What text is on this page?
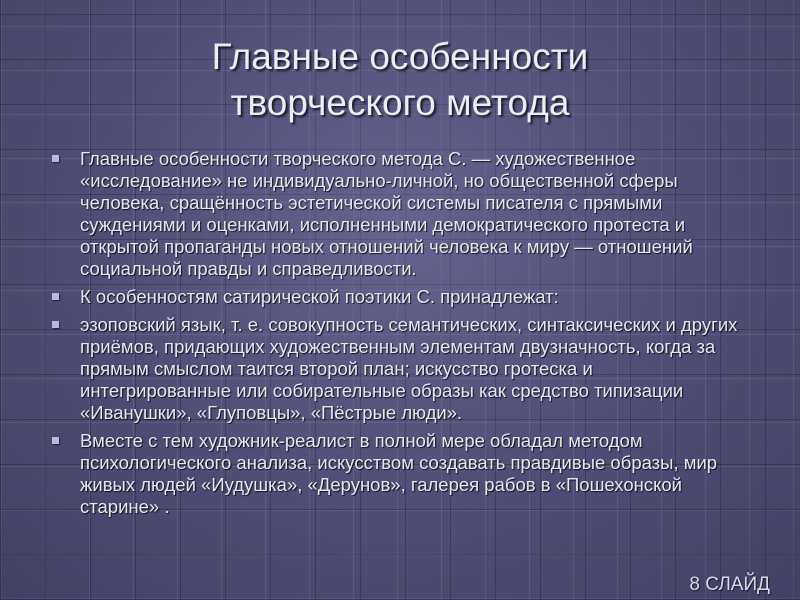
Главные особенности
творческого метода
Главные особенности творческого метода С. — художественное «исследование» не индивидуально-личной, но общественной сферы человека, сращённость эстетической системы писателя с прямыми суждениями и оценками, исполненными демократического протеста и открытой пропаганды новых отношений человека к миру — отношений социальной правды и справедливости.
К особенностям сатирической поэтики С. принадлежат:
эзоповский язык, т. е. совокупность семантических, синтаксических и других приёмов, придающих художественным элементам двузначность, когда за прямым смыслом таится второй план; искусство гротеска и интегрированные или собирательные образы как средство типизации «Иванушки», «Глуповцы», «Пёстрые люди».
Вместе с тем художник-реалист в полной мере обладал методом психологического анализа, искусством создавать правдивые образы, мир живых людей «Иудушка», «Дерунов», галерея рабов в «Пошехонской старине» .
8 СЛАЙД
